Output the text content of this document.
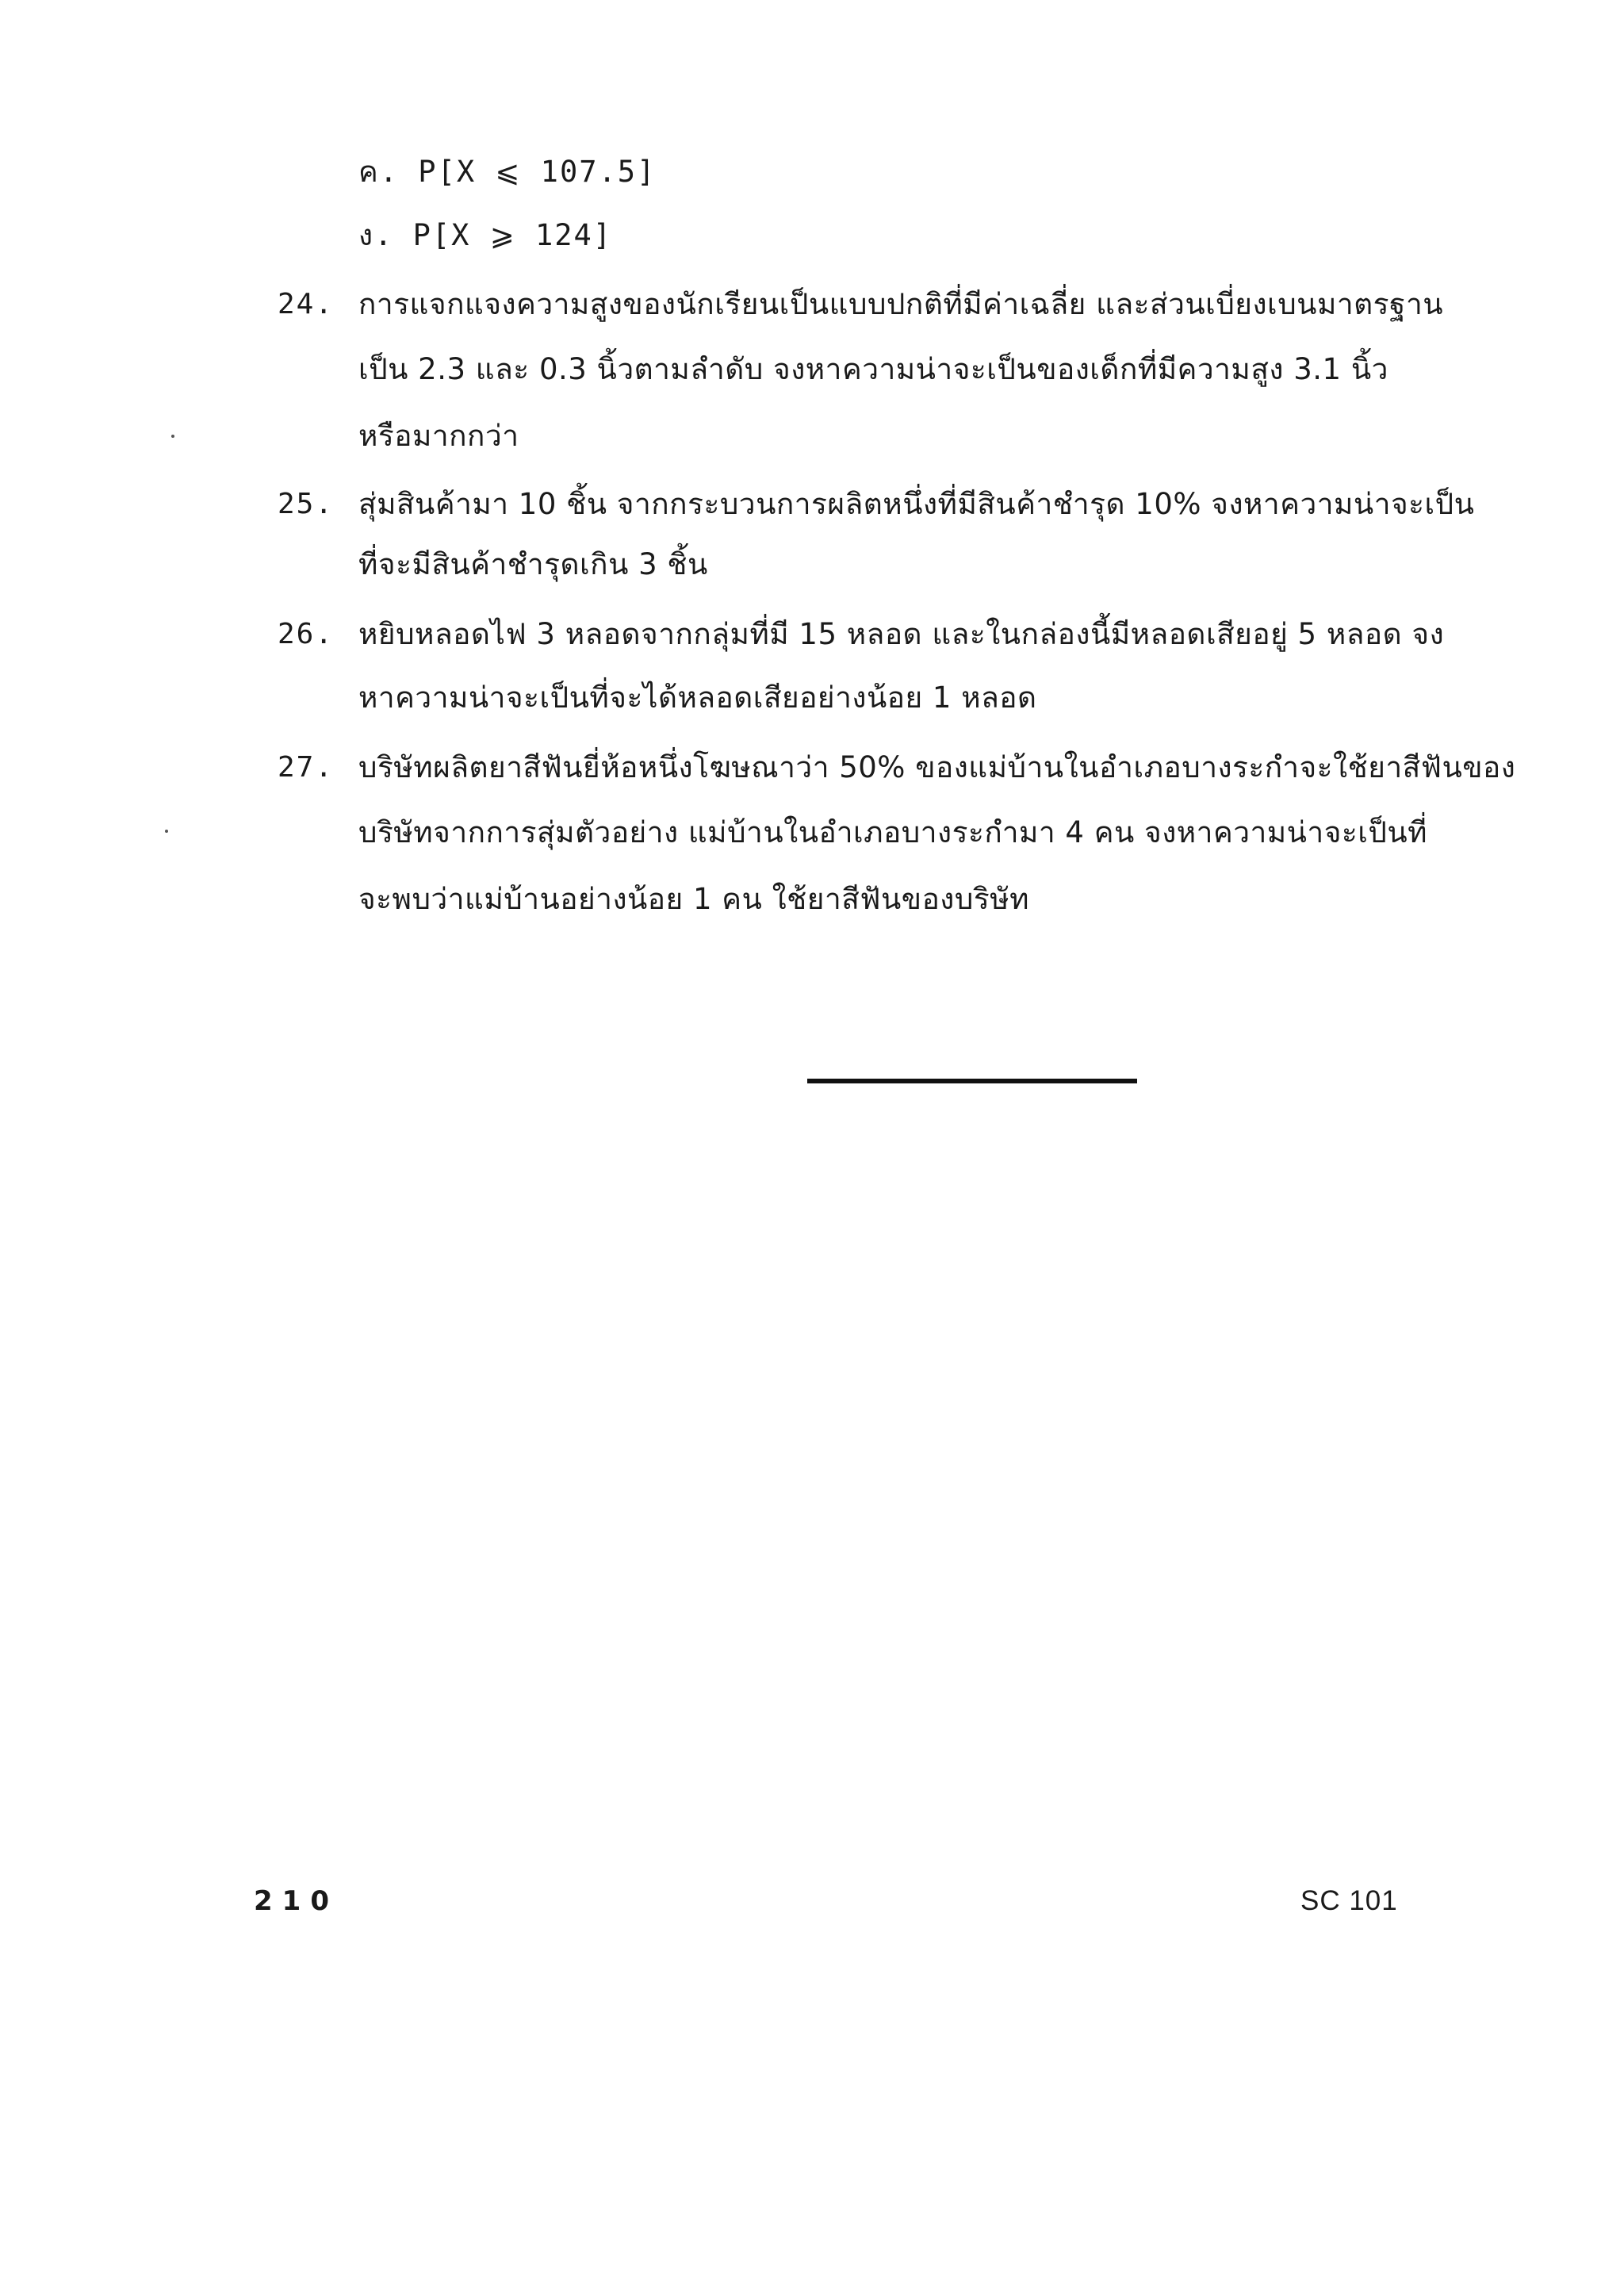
ค. P[X ⩽ 107.5]
ง. P[X ⩾ 124]
24. การแจกแจงความสูงของนักเรียนเป็นแบบปกติที่มีค่าเฉลี่ย และส่วนเบี่ยงเบนมาตรฐาน
เป็น 2.3 และ 0.3 นิ้วตามลำดับ จงหาความน่าจะเป็นของเด็กที่มีความสูง 3.1 นิ้ว
หรือมากกว่า
25. สุ่มสินค้ามา 10 ชิ้น จากกระบวนการผลิตหนึ่งที่มีสินค้าชำรุด 10% จงหาความน่าจะเป็น
ที่จะมีสินค้าชำรุดเกิน 3 ชิ้น
26. หยิบหลอดไฟ 3 หลอดจากกลุ่มที่มี 15 หลอด และในกล่องนี้มีหลอดเสียอยู่ 5 หลอด จง
หาความน่าจะเป็นที่จะได้หลอดเสียอย่างน้อย 1 หลอด
27. บริษัทผลิตยาสีฟันยี่ห้อหนึ่งโฆษณาว่า 50% ของแม่บ้านในอำเภอบางระกำจะใช้ยาสีฟันของ
บริษัทจากการสุ่มตัวอย่าง แม่บ้านในอำเภอบางระกำมา 4 คน จงหาความน่าจะเป็นที่
จะพบว่าแม่บ้านอย่างน้อย 1 คน ใช้ยาสีฟันของบริษัท
210	SC 101
